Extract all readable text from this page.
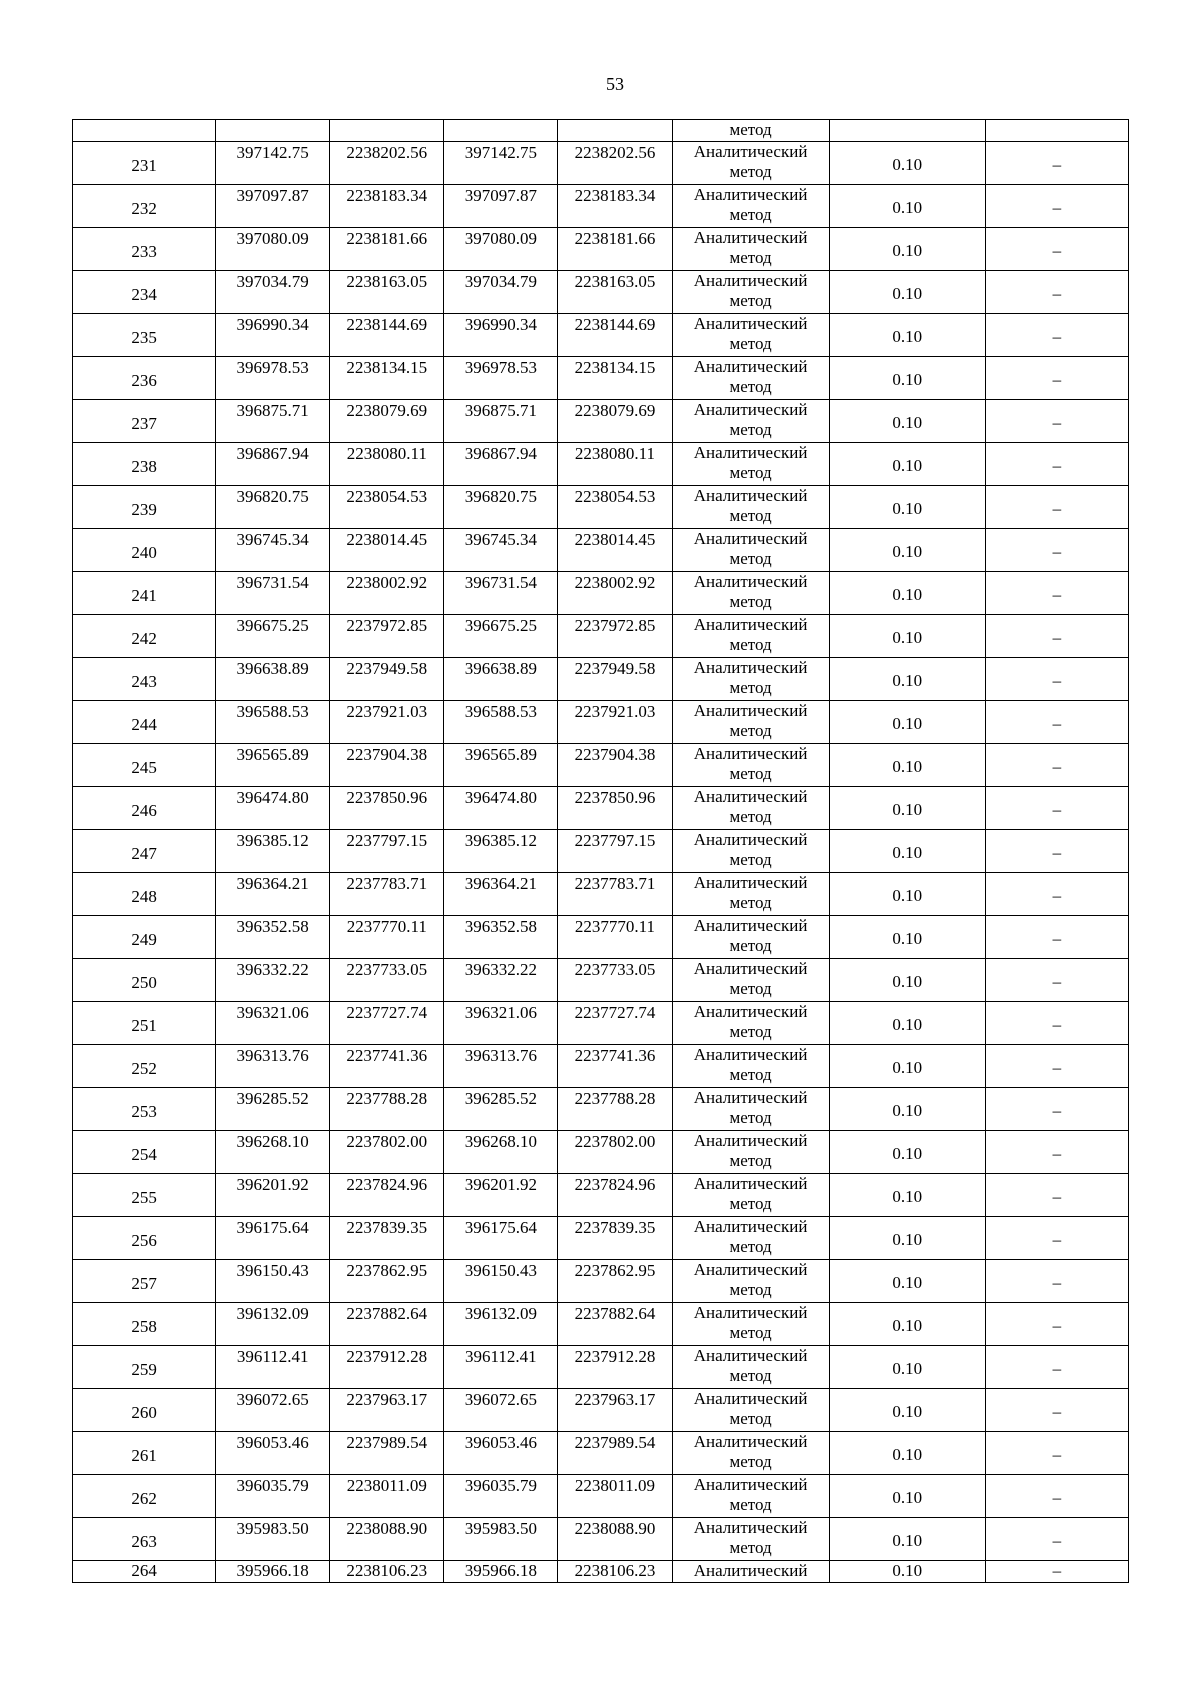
53
					метод		
231	397142.75	2238202.56	397142.75	2238202.56	Аналитический
метод	0.10	–
232	397097.87	2238183.34	397097.87	2238183.34	Аналитический
метод	0.10	–
233	397080.09	2238181.66	397080.09	2238181.66	Аналитический
метод	0.10	–
234	397034.79	2238163.05	397034.79	2238163.05	Аналитический
метод	0.10	–
235	396990.34	2238144.69	396990.34	2238144.69	Аналитический
метод	0.10	–
236	396978.53	2238134.15	396978.53	2238134.15	Аналитический
метод	0.10	–
237	396875.71	2238079.69	396875.71	2238079.69	Аналитический
метод	0.10	–
238	396867.94	2238080.11	396867.94	2238080.11	Аналитический
метод	0.10	–
239	396820.75	2238054.53	396820.75	2238054.53	Аналитический
метод	0.10	–
240	396745.34	2238014.45	396745.34	2238014.45	Аналитический
метод	0.10	–
241	396731.54	2238002.92	396731.54	2238002.92	Аналитический
метод	0.10	–
242	396675.25	2237972.85	396675.25	2237972.85	Аналитический
метод	0.10	–
243	396638.89	2237949.58	396638.89	2237949.58	Аналитический
метод	0.10	–
244	396588.53	2237921.03	396588.53	2237921.03	Аналитический
метод	0.10	–
245	396565.89	2237904.38	396565.89	2237904.38	Аналитический
метод	0.10	–
246	396474.80	2237850.96	396474.80	2237850.96	Аналитический
метод	0.10	–
247	396385.12	2237797.15	396385.12	2237797.15	Аналитический
метод	0.10	–
248	396364.21	2237783.71	396364.21	2237783.71	Аналитический
метод	0.10	–
249	396352.58	2237770.11	396352.58	2237770.11	Аналитический
метод	0.10	–
250	396332.22	2237733.05	396332.22	2237733.05	Аналитический
метод	0.10	–
251	396321.06	2237727.74	396321.06	2237727.74	Аналитический
метод	0.10	–
252	396313.76	2237741.36	396313.76	2237741.36	Аналитический
метод	0.10	–
253	396285.52	2237788.28	396285.52	2237788.28	Аналитический
метод	0.10	–
254	396268.10	2237802.00	396268.10	2237802.00	Аналитический
метод	0.10	–
255	396201.92	2237824.96	396201.92	2237824.96	Аналитический
метод	0.10	–
256	396175.64	2237839.35	396175.64	2237839.35	Аналитический
метод	0.10	–
257	396150.43	2237862.95	396150.43	2237862.95	Аналитический
метод	0.10	–
258	396132.09	2237882.64	396132.09	2237882.64	Аналитический
метод	0.10	–
259	396112.41	2237912.28	396112.41	2237912.28	Аналитический
метод	0.10	–
260	396072.65	2237963.17	396072.65	2237963.17	Аналитический
метод	0.10	–
261	396053.46	2237989.54	396053.46	2237989.54	Аналитический
метод	0.10	–
262	396035.79	2238011.09	396035.79	2238011.09	Аналитический
метод	0.10	–
263	395983.50	2238088.90	395983.50	2238088.90	Аналитический
метод	0.10	–
264	395966.18	2238106.23	395966.18	2238106.23	Аналитический	0.10	–
